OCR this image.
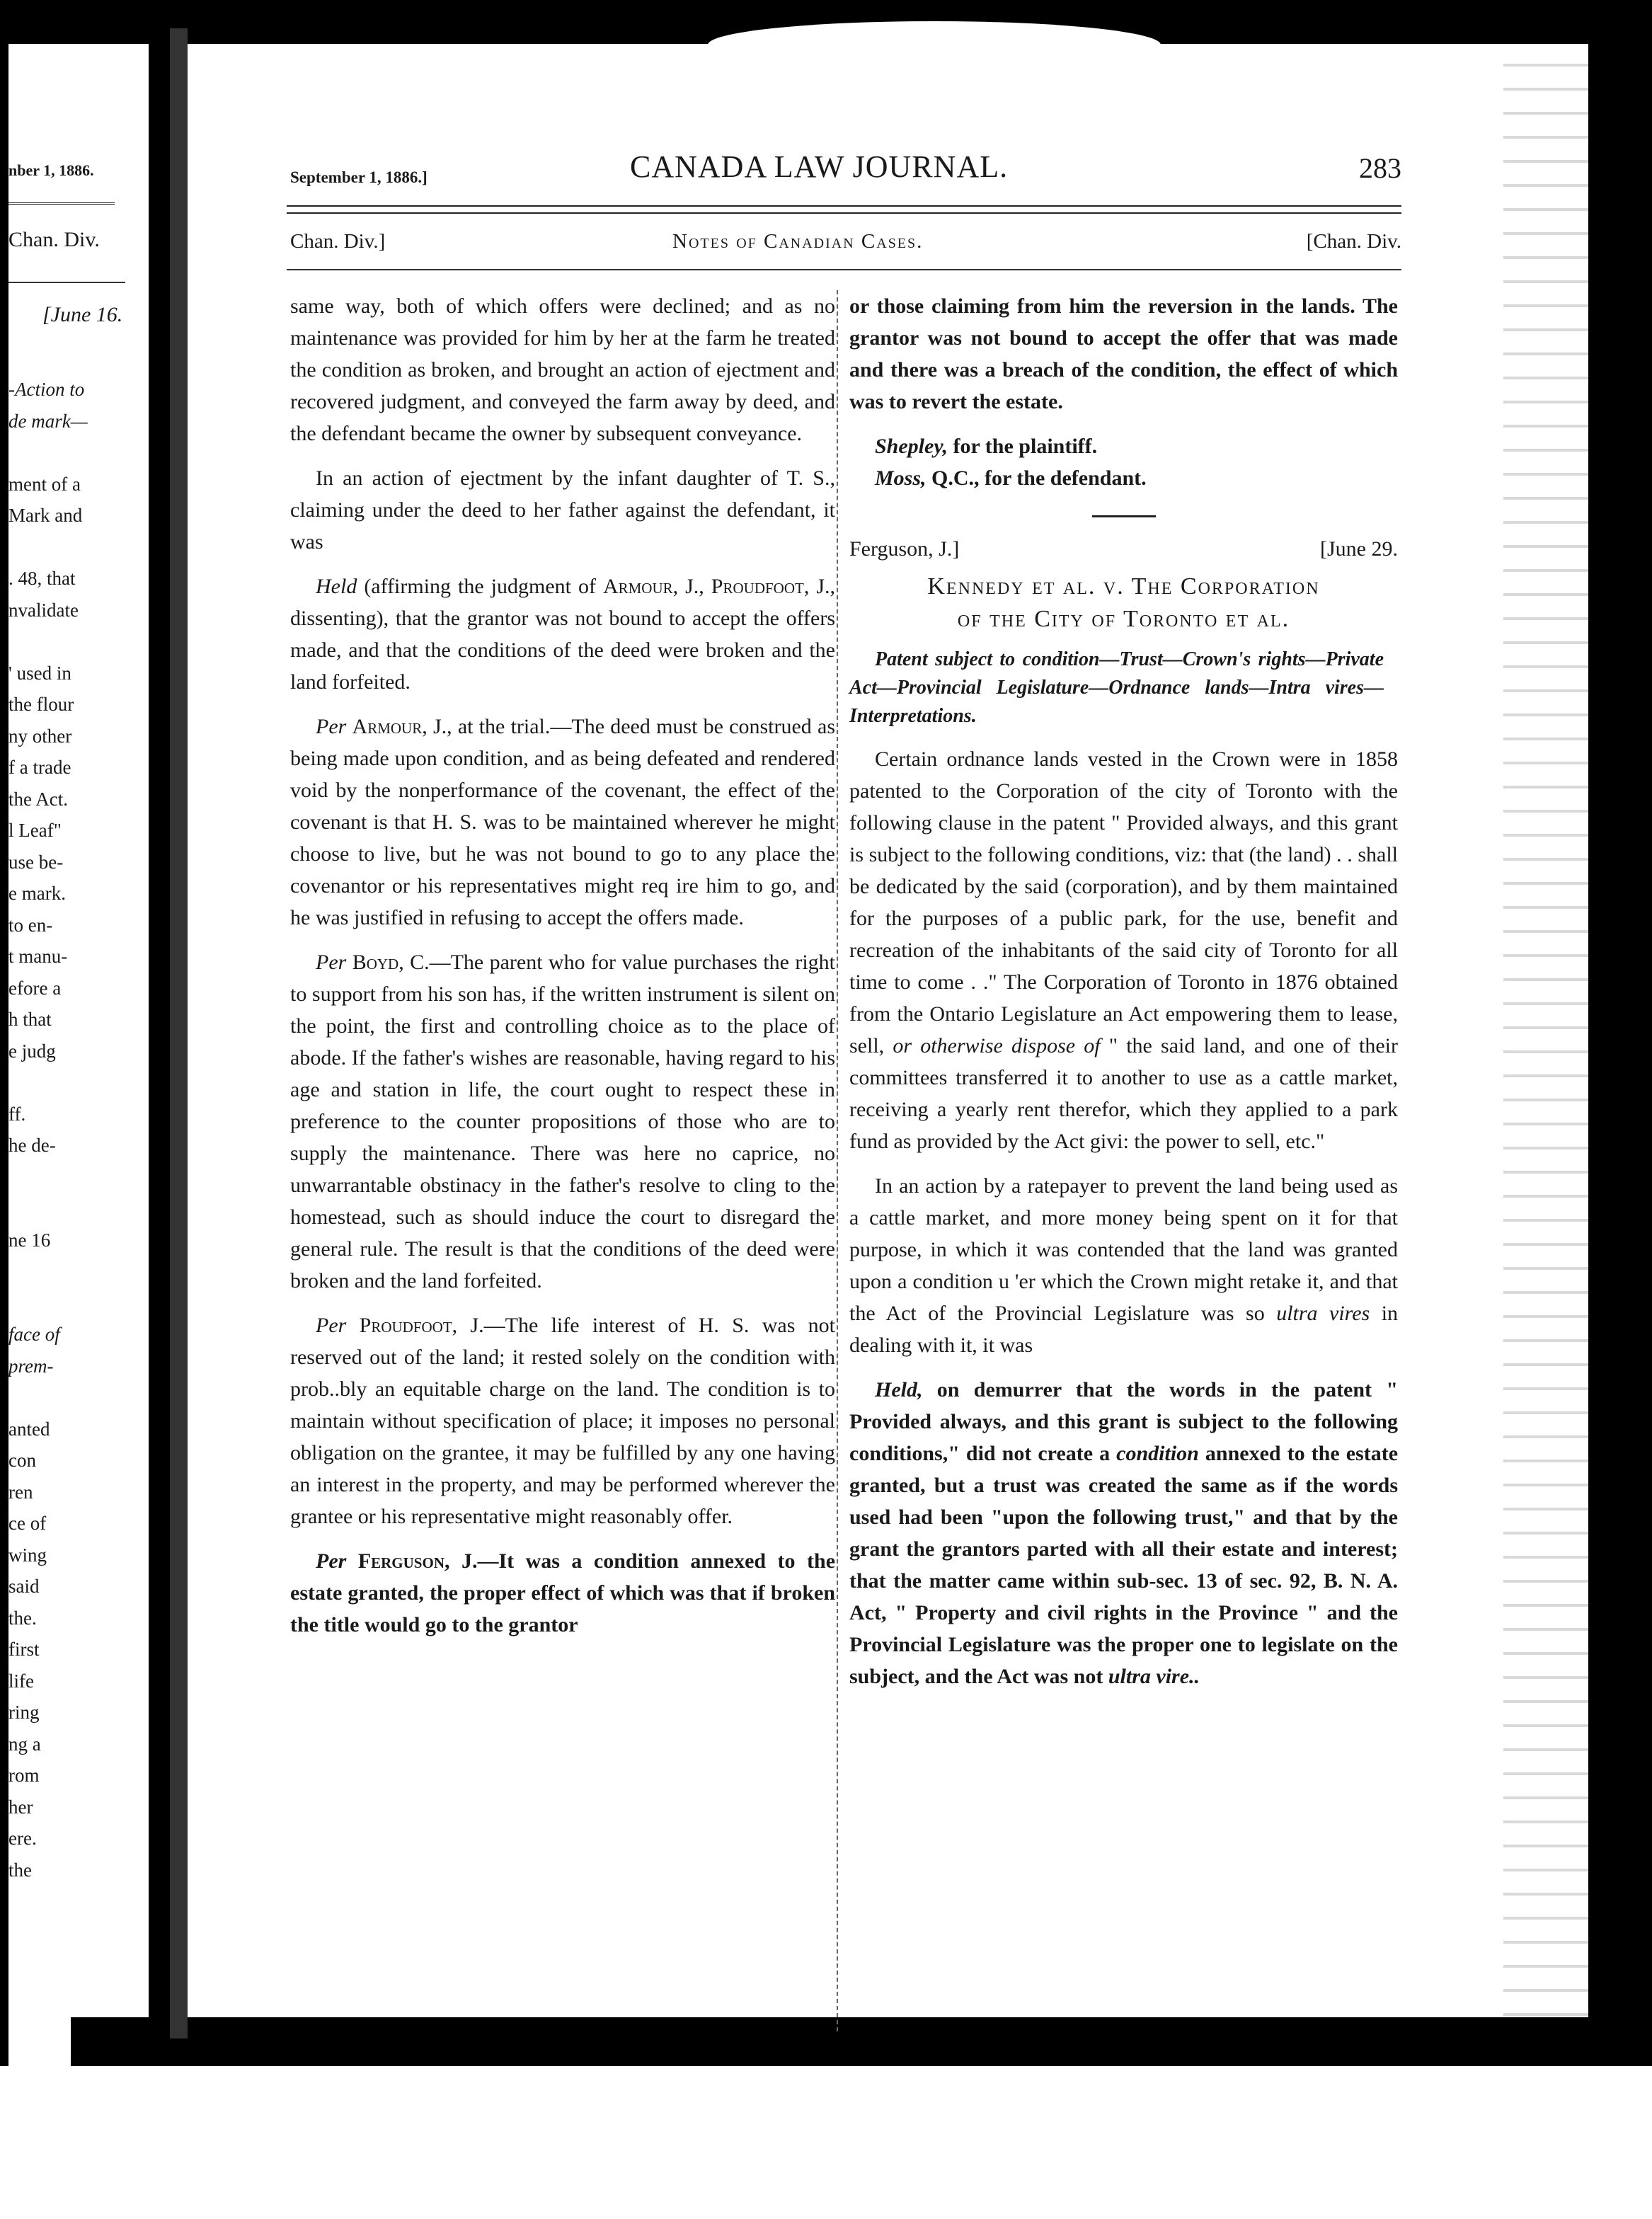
nber 1, 1886.
Chan. Div.
[June 16.
-Action to
de mark—
ment of a
Mark and
. 48, that
nvalidate
' used in
the flour
ny other
f a trade
the Act.
l Leaf"
use be-
e mark.
to en-
t manu-
efore a
h that
e judg
ff.
he de-
ne 16
face of
prem-
anted
con
ren
ce of
wing
said
the.
first
life
ring
ng a
rom
her
ere.
the
September 1, 1886.]	CANADA LAW JOURNAL.	283
Chan. Div.]	Notes of Canadian Cases.	[Chan. Div.

same way, both of which offers were declined; and as no maintenance was provided for him by her at the farm he treated the condition as broken, and brought an action of ejectment and recovered judgment, and conveyed the farm away by deed, and the defendant became the owner by subsequent conveyance.

In an action of ejectment by the infant daughter of T. S., claiming under the deed to her father against the defendant, it was

Held (affirming the judgment of Armour, J., Proudfoot, J., dissenting), that the grantor was not bound to accept the offers made, and that the conditions of the deed were broken and the land forfeited.

Per Armour, J., at the trial.—The deed must be construed as being made upon condition, and as being defeated and rendered void by the nonperformance of the covenant, the effect of the covenant is that H. S. was to be maintained wherever he might choose to live, but he was not bound to go to any place the covenantor or his representatives might req ire him to go, and he was justified in refusing to accept the offers made.

Per Boyd, C.—The parent who for value purchases the right to support from his son has, if the written instrument is silent on the point, the first and controlling choice as to the place of abode. If the father's wishes are reasonable, having regard to his age and station in life, the court ought to respect these in preference to the counter propositions of those who are to supply the maintenance. There was here no caprice, no unwarrantable obstinacy in the father's resolve to cling to the homestead, such as should induce the court to disregard the general rule. The result is that the conditions of the deed were broken and the land forfeited.

Per Proudfoot, J.—The life interest of H. S. was not reserved out of the land; it rested solely on the condition with prob..bly an equitable charge on the land. The condition is to maintain without specification of place; it imposes no personal obligation on the grantee, it may be fulfilled by any one having an interest in the property, and may be performed wherever the grantee or his representative might reasonably offer.

Per Ferguson, J.—It was a condition annexed to the estate granted, the proper effect of which was that if broken the title would go to the grantor

or those claiming from him the reversion in the lands. The grantor was not bound to accept the offer that was made and there was a breach of the condition, the effect of which was to revert the estate.

Shepley, for the plaintiff.

Moss, Q.C., for the defendant.

Ferguson, J.]	[June 29.
Kennedy et al. v. The Corporation
of the City of Toronto et al.

Patent subject to condition—Trust—Crown's rights—Private Act—Provincial Legislature—Ordnance lands—Intra vires—Interpretations.

Certain ordnance lands vested in the Crown were in 1858 patented to the Corporation of the city of Toronto with the following clause in the patent " Provided always, and this grant is subject to the following conditions, viz: that (the land) . . shall be dedicated by the said (corporation), and by them maintained for the purposes of a public park, for the use, benefit and recreation of the inhabitants of the said city of Toronto for all time to come . ." The Corporation of Toronto in 1876 obtained from the Ontario Legislature an Act empowering them to lease, sell, or otherwise dispose of " the said land, and one of their committees transferred it to another to use as a cattle market, receiving a yearly rent therefor, which they applied to a park fund as provided by the Act givi: the power to sell, etc."

In an action by a ratepayer to prevent the land being used as a cattle market, and more money being spent on it for that purpose, in which it was contended that the land was granted upon a condition u 'er which the Crown might retake it, and that the Act of the Provincial Legislature was so ultra vires in dealing with it, it was

Held, on demurrer that the words in the patent " Provided always, and this grant is subject to the following conditions," did not create a condition annexed to the estate granted, but a trust was created the same as if the words used had been "upon the following trust," and that by the grant the grantors parted with all their estate and interest; that the matter came within sub-sec. 13 of sec. 92, B. N. A. Act, " Property and civil rights in the Province " and the Provincial Legislature was the proper one to legislate on the subject, and the Act was not ultra vire..
